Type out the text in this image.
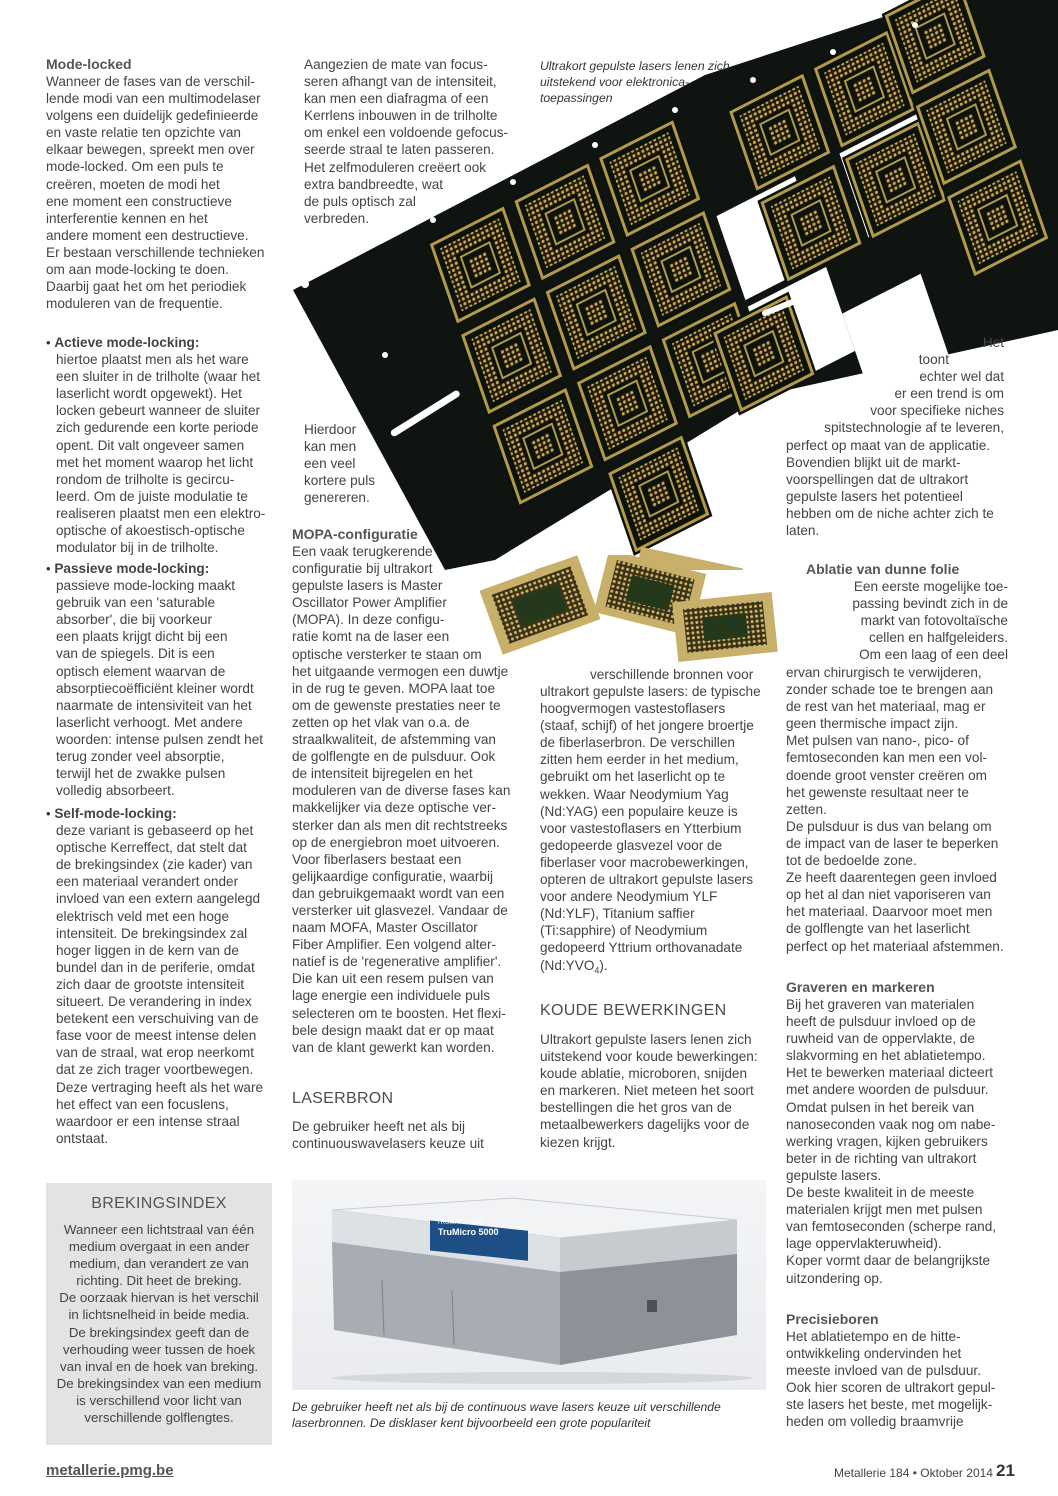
Mode-locked

Wanneer de fases van de verschil-
lende modi van een multimodelaser
volgens een duidelijk gedefinieerde
en vaste relatie ten opzichte van
elkaar bewegen, spreekt men over
mode-locked. Om een puls te
creëren, moeten de modi het
ene moment een constructieve
interferentie kennen en het
andere moment een destructieve.
Er bestaan verschillende technieken
om aan mode-locking te doen.
Daarbij gaat het om het periodiek
moduleren van de frequentie.

• Actieve mode-locking:

hiertoe plaatst men als het ware
een sluiter in de trilholte (waar het
laserlicht wordt opgewekt). Het
locken gebeurt wanneer de sluiter
zich gedurende een korte periode
opent. Dit valt ongeveer samen
met het moment waarop het licht
rondom de trilholte is gecircu-
leerd. Om de juiste modulatie te
realiseren plaatst men een elektro-
optische of akoestisch-optische
modulator bij in de trilholte.

• Passieve mode-locking:

passieve mode-locking maakt
gebruik van een 'saturable
absorber', die bij voorkeur
een plaats krijgt dicht bij een
van de spiegels. Dit is een
optisch element waarvan de
absorptiecoëfficiënt kleiner wordt
naarmate de intensiviteit van het
laserlicht verhoogt. Met andere
woorden: intense pulsen zendt het
terug zonder veel absorptie,
terwijl het de zwakke pulsen
volledig absorbeert.

• Self-mode-locking:

deze variant is gebaseerd op het
optische Kerreffect, dat stelt dat
de brekingsindex (zie kader) van
een materiaal verandert onder
invloed van een extern aangelegd
elektrisch veld met een hoge
intensiteit. De brekingsindex zal
hoger liggen in de kern van de
bundel dan in de periferie, omdat
zich daar de grootste intensiteit
situeert. De verandering in index
betekent een verschuiving van de
fase voor de meest intense delen
van de straal, wat erop neerkomt
dat ze zich trager voortbewegen.
Deze vertraging heeft als het ware
het effect van een focuslens,
waardoor er een intense straal
ontstaat.

Aangezien de mate van focus-
seren afhangt van de intensiteit,
kan men een diafragma of een
Kerrlens inbouwen in de trilholte
om enkel een voldoende gefocus-
seerde straal te laten passeren.
Het zelfmoduleren creëert ook
extra bandbreedte, wat
de puls optisch zal
verbreden.

Hierdoor
kan men
een veel
kortere puls
genereren.

MOPA-configuratie

Een vaak terugkerende
configuratie bij ultrakort
gepulste lasers is Master
Oscillator Power Amplifier
(MOPA). In deze configu-
ratie komt na de laser een
optische versterker te staan om
het uitgaande vermogen een duwtje
in de rug te geven. MOPA laat toe
om de gewenste prestaties neer te
zetten op het vlak van o.a. de
straalkwaliteit, de afstemming van
de golflengte en de pulsduur. Ook
de intensiteit bijregelen en het
moduleren van de diverse fases kan
makkelijker via deze optische ver-
sterker dan als men dit rechtstreeks
op de energiebron moet uitvoeren.
Voor fiberlasers bestaat een
gelijkaardige configuratie, waarbij
dan gebruikgemaakt wordt van een
versterker uit glasvezel. Vandaar de
naam MOFA, Master Oscillator
Fiber Amplifier. Een volgend alter-
natief is de 'regenerative amplifier'.
Die kan uit een resem pulsen van
lage energie een individuele puls
selecteren om te boosten. Het flexi-
bele design maakt dat er op maat
van de klant gewerkt kan worden.

LASERBRON

De gebruiker heeft net als bij
continuouswavelasers keuze uit

Ultrakort gepulste lasers lenen zich
uitstekend voor elektronica-
toepassingen

verschillende bronnen voor

ultrakort gepulste lasers: de typische
hoogvermogen vastestoflasers
(staaf, schijf) of het jongere broertje
de fiberlaserbron. De verschillen
zitten hem eerder in het medium,
gebruikt om het laserlicht op te
wekken. Waar Neodymium Yag
(Nd:YAG) een populaire keuze is
voor vastestoflasers en Ytterbium
gedopeerde glasvezel voor de
fiberlaser voor macrobewerkingen,
opteren de ultrakort gepulste lasers
voor andere Neodymium YLF
(Nd:YLF), Titanium saffier
(Ti:sapphire) of Neodymium
gedopeerd Yttrium orthovanadate

$(Nd:YVO_4)$.

KOUDE BEWERKINGEN

Ultrakort gepulste lasers lenen zich
uitstekend voor koude bewerkingen:
koude ablatie, microboren, snijden
en markeren. Niet meteen het soort
bestellingen die het gros van de
metaalbewerkers dagelijks voor de
kiezen krijgt.

Het

toont

echter wel dat

er een trend is om

voor specifieke niches

spitstechnologie af te leveren,

perfect op maat van de applicatie.
Bovendien blijkt uit de markt-
voorspellingen dat de ultrakort
gepulste lasers het potentieel
hebben om de niche achter zich te
laten.

Ablatie van dunne folie

Een eerste mogelijke toe-

passing bevindt zich in de

markt van fotovoltaïsche

cellen en halfgeleiders.

Om een laag of een deel

ervan chirurgisch te verwijderen,
zonder schade toe te brengen aan
de rest van het materiaal, mag er
geen thermische impact zijn.
Met pulsen van nano-, pico- of
femtoseconden kan men een vol-
doende groot venster creëren om
het gewenste resultaat neer te
zetten.
De pulsduur is dus van belang om
de impact van de laser te beperken
tot de bedoelde zone.
Ze heeft daarentegen geen invloed
op het al dan niet vaporiseren van
het materiaal. Daarvoor moet men
de golflengte van het laserlicht
perfect op het materiaal afstemmen.

Graveren en markeren

Bij het graveren van materialen
heeft de pulsduur invloed op de
ruwheid van de oppervlakte, de
slakvorming en het ablatietempo.
Het te bewerken materiaal dicteert
met andere woorden de pulsduur.
Omdat pulsen in het bereik van
nanoseconden vaak nog om nabe-
werking vragen, kijken gebruikers
beter in de richting van ultrakort
gepulste lasers.
De beste kwaliteit in de meeste
materialen krijgt men met pulsen
van femtoseconden (scherpe rand,
lage oppervlakteruwheid).
Koper vormt daar de belangrijkste
uitzondering op.

Precisieboren

Het ablatietempo en de hitte-
ontwikkeling ondervinden het
meeste invloed van de pulsduur.
Ook hier scoren de ultrakort gepul-
ste lasers het beste, met mogelijk-
heden om volledig braamvrije

BREKINGSINDEX

Wanneer een lichtstraal van één
medium overgaat in een ander
medium, dan verandert ze van
richting. Dit heet de breking.
De oorzaak hiervan is het verschil
in lichtsnelheid in beide media.
De brekingsindex geeft dan de
verhouding weer tussen de hoek
van inval en de hoek van breking.
De brekingsindex van een medium
is verschillend voor licht van
verschillende golflengtes.

TRUMPF LASER
TruMicro 5000

De gebruiker heeft net als bij de continuous wave lasers keuze uit verschillende
laserbronnen. De disklaser kent bijvoorbeeld een grote populariteit

metallerie.pmg.be	Metallerie 184 • Oktober 2014 21
